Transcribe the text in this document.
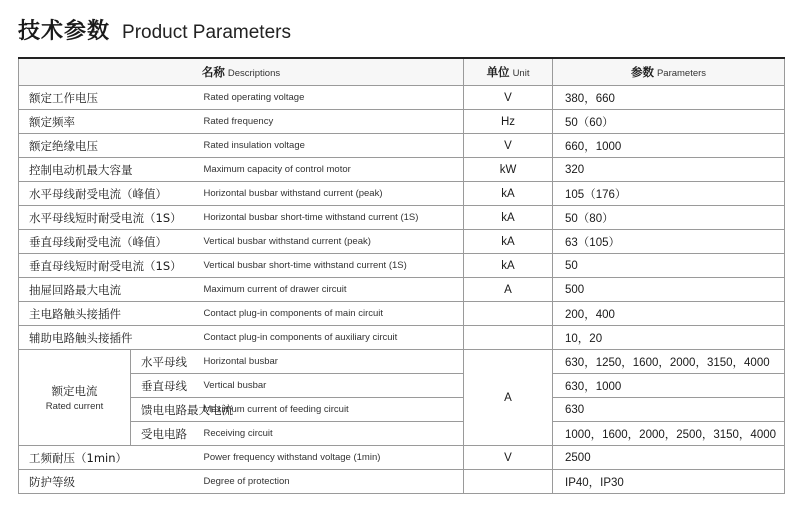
技术参数 Product Parameters
名称 Descriptions			单位 Unit	参数 Parameters
额定工作电压		Rated operating voltage	V	380，660
额定频率		Rated frequency	Hz	50（60）
额定绝缘电压		Rated insulation voltage	V	660，1000
控制电动机最大容量		Maximum capacity of control motor	kW	320
水平母线耐受电流（峰值）		Horizontal busbar withstand current (peak)	kA	105（176）
水平母线短时耐受电流（1S）		Horizontal busbar short-time withstand current (1S)	kA	50（80）
垂直母线耐受电流（峰值）		Vertical busbar withstand current (peak)	kA	63（105）
垂直母线短时耐受电流（1S）		Vertical busbar short-time withstand current (1S)	kA	50
抽屉回路最大电流		Maximum current of drawer circuit	A	500
主电路触头接插件		Contact plug-in components of main circuit		200，400
辅助电路触头接插件		Contact plug-in components of auxiliary circuit		10，20

额定电流
Rated current	水平母线	Horizontal busbar	A	630，1250，1600，2000，3150，4000
	垂直母线	Vertical busbar		630，1000
	馈电电路最大电流	Maximum current of feeding circuit		630
	受电电路	Receiving circuit		1000，1600，2000，2500，3150，4000
工频耐压（1min）		Power frequency withstand voltage (1min)	V	2500
防护等级		Degree of protection		IP40，IP30
